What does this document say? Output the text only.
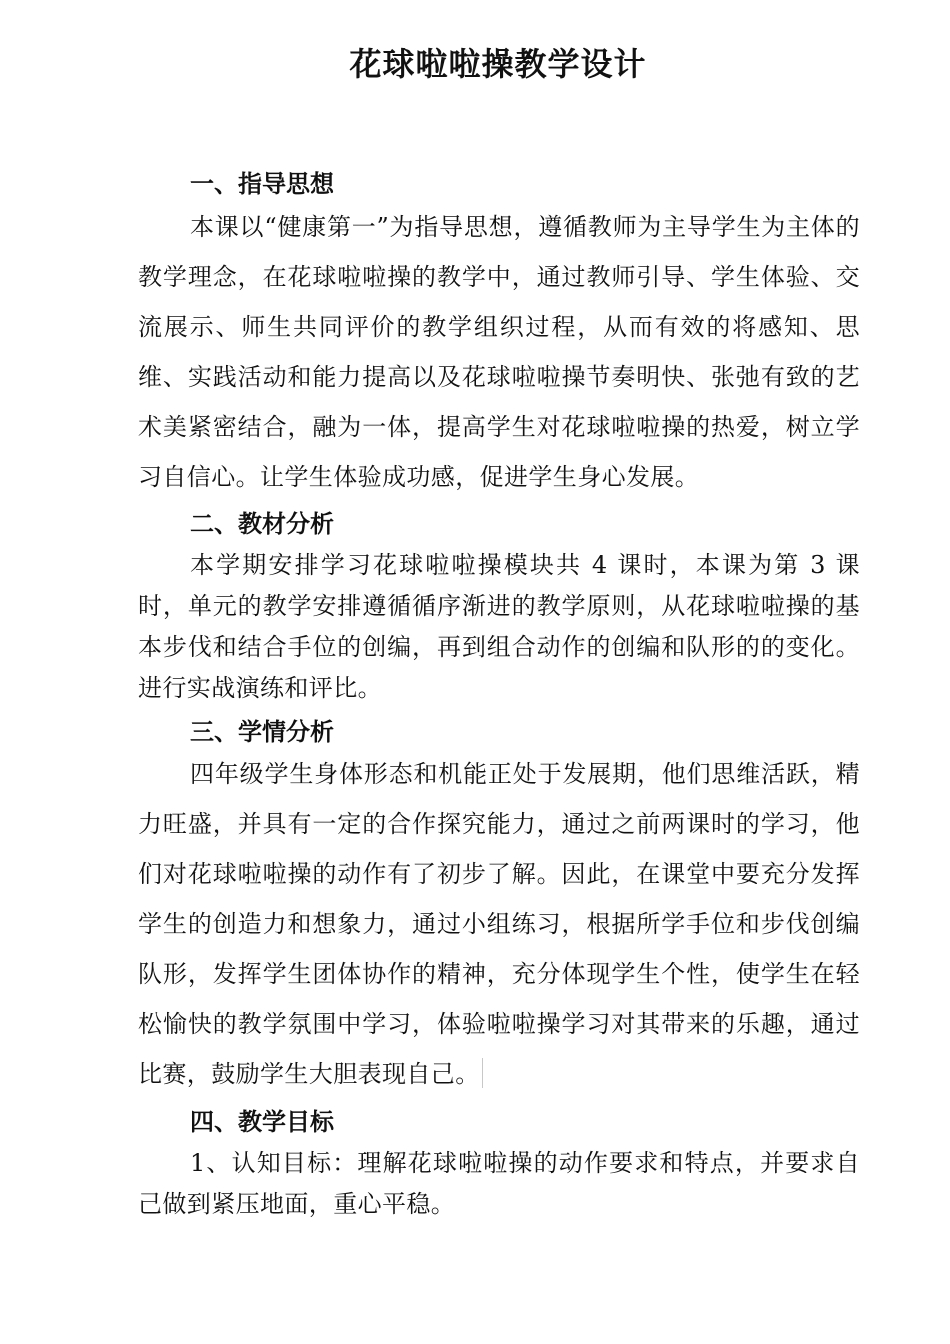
花球啦啦操教学设计
一、指导思想

本课以“健康第一”为指导思想，遵循教师为主导学生为主体的教学理念，在花球啦啦操的教学中，通过教师引导、学生体验、交流展示、师生共同评价的教学组织过程，从而有效的将感知、思维、实践活动和能力提高以及花球啦啦操节奏明快、张弛有致的艺术美紧密结合，融为一体，提高学生对花球啦啦操的热爱，树立学习自信心。让学生体验成功感，促进学生身心发展。

二、教材分析

本学期安排学习花球啦啦操模块共 4 课时，本课为第 3 课时，单元的教学安排遵循循序渐进的教学原则，从花球啦啦操的基本步伐和结合手位的创编，再到组合动作的创编和队形的的变化。进行实战演练和评比。

三、学情分析

四年级学生身体形态和机能正处于发展期，他们思维活跃，精力旺盛，并具有一定的合作探究能力，通过之前两课时的学习，他们对花球啦啦操的动作有了初步了解。因此，在课堂中要充分发挥学生的创造力和想象力，通过小组练习，根据所学手位和步伐创编队形，发挥学生团体协作的精神，充分体现学生个性，使学生在轻松愉快的教学氛围中学习，体验啦啦操学习对其带来的乐趣，通过比赛，鼓励学生大胆表现自己。

四、教学目标

1、认知目标：理解花球啦啦操的动作要求和特点，并要求自己做到紧压地面，重心平稳。
